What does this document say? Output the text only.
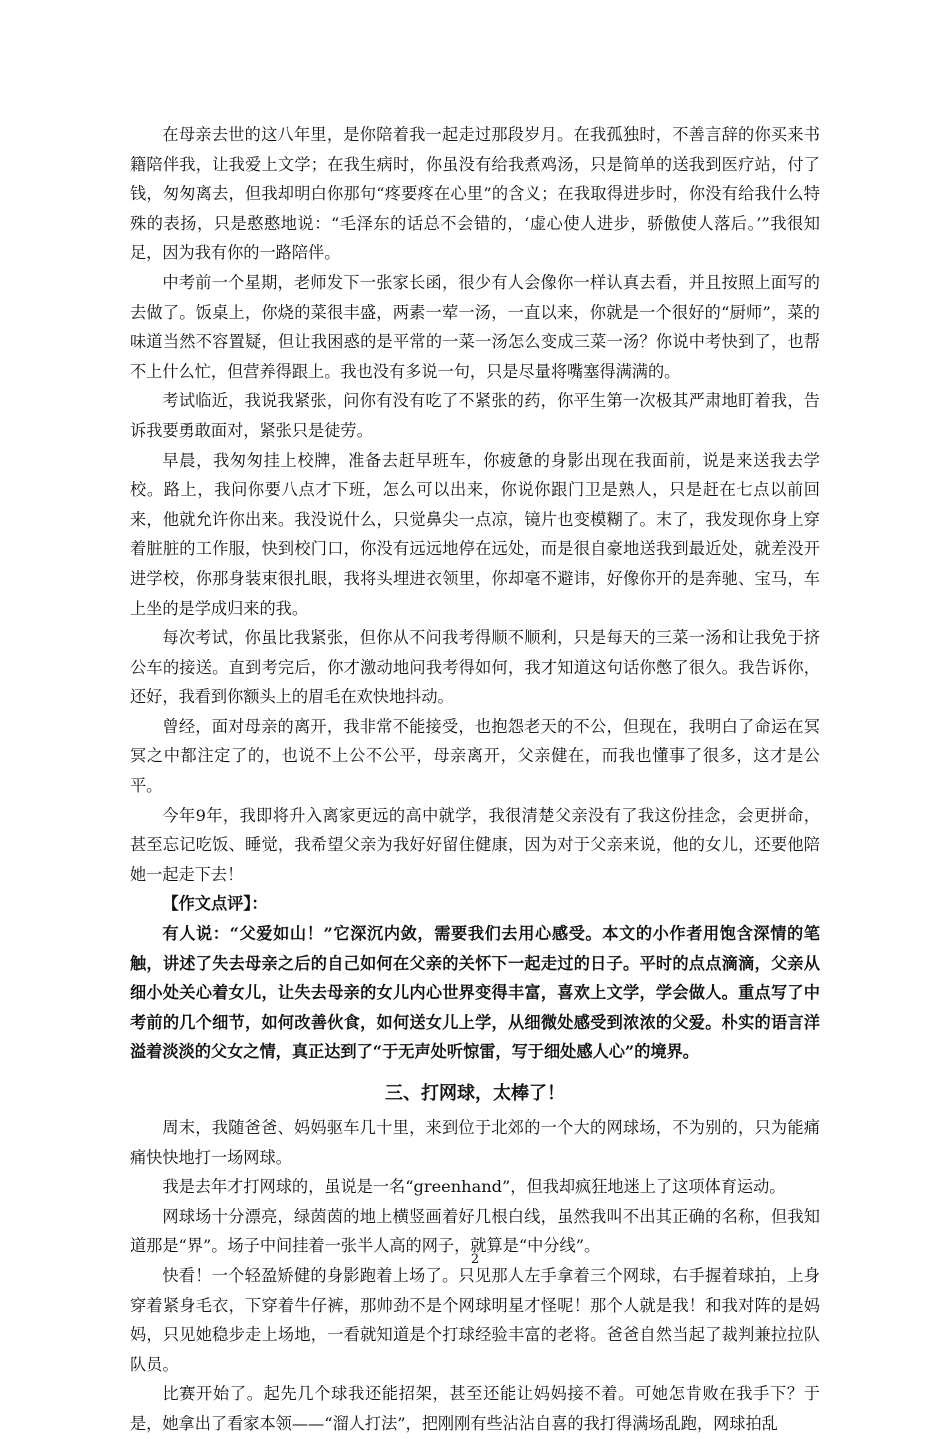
在母亲去世的这八年里，是你陪着我一起走过那段岁月。在我孤独时，不善言辞的你买来书籍陪伴我，让我爱上文学；在我生病时，你虽没有给我煮鸡汤，只是简单的送我到医疗站，付了钱，匆匆离去，但我却明白你那句“疼要疼在心里”的含义；在我取得进步时，你没有给我什么特殊的表扬，只是憨憨地说：“毛泽东的话总不会错的，‘虚心使人进步，骄傲使人落后。’”我很知足，因为我有你的一路陪伴。

中考前一个星期，老师发下一张家长函，很少有人会像你一样认真去看，并且按照上面写的去做了。饭桌上，你烧的菜很丰盛，两素一荤一汤，一直以来，你就是一个很好的“厨师”，菜的味道当然不容置疑，但让我困惑的是平常的一菜一汤怎么变成三菜一汤？你说中考快到了，也帮不上什么忙，但营养得跟上。我也没有多说一句，只是尽量将嘴塞得满满的。

考试临近，我说我紧张，问你有没有吃了不紧张的药，你平生第一次极其严肃地盯着我，告诉我要勇敢面对，紧张只是徒劳。

早晨，我匆匆挂上校牌，准备去赶早班车，你疲惫的身影出现在我面前，说是来送我去学校。路上，我问你要八点才下班，怎么可以出来，你说你跟门卫是熟人，只是赶在七点以前回来，他就允许你出来。我没说什么，只觉鼻尖一点凉，镜片也变模糊了。末了，我发现你身上穿着脏脏的工作服，快到校门口，你没有远远地停在远处，而是很自豪地送我到最近处，就差没开进学校，你那身装束很扎眼，我将头埋进衣领里，你却毫不避讳，好像你开的是奔驰、宝马，车上坐的是学成归来的我。

每次考试，你虽比我紧张，但你从不问我考得顺不顺利，只是每天的三菜一汤和让我免于挤公车的接送。直到考完后，你才激动地问我考得如何，我才知道这句话你憋了很久。我告诉你，还好，我看到你额头上的眉毛在欢快地抖动。

曾经，面对母亲的离开，我非常不能接受，也抱怨老天的不公，但现在，我明白了命运在冥冥之中都注定了的，也说不上公不公平，母亲离开，父亲健在，而我也懂事了很多，这才是公平。

今年9年，我即将升入离家更远的高中就学，我很清楚父亲没有了我这份挂念，会更拼命，甚至忘记吃饭、睡觉，我希望父亲为我好好留住健康，因为对于父亲来说，他的女儿，还要他陪她一起走下去！

【作文点评】：

有人说：“父爱如山！”它深沉内敛，需要我们去用心感受。本文的小作者用饱含深情的笔触，讲述了失去母亲之后的自己如何在父亲的关怀下一起走过的日子。平时的点点滴滴，父亲从细小处关心着女儿，让失去母亲的女儿内心世界变得丰富，喜欢上文学，学会做人。重点写了中考前的几个细节，如何改善伙食，如何送女儿上学，从细微处感受到浓浓的父爱。朴实的语言洋溢着淡淡的父女之情，真正达到了“于无声处听惊雷，写于细处感人心”的境界。

三、打网球，太棒了！

周末，我随爸爸、妈妈驱车几十里，来到位于北郊的一个大的网球场，不为别的，只为能痛痛快快地打一场网球。

我是去年才打网球的，虽说是一名“greenhand”，但我却疯狂地迷上了这项体育运动。

网球场十分漂亮，绿茵茵的地上横竖画着好几根白线，虽然我叫不出其正确的名称，但我知道那是“界”。场子中间挂着一张半人高的网子，就算是“中分线”。

快看！一个轻盈矫健的身影跑着上场了。只见那人左手拿着三个网球，右手握着球拍，上身穿着紧身毛衣，下穿着牛仔裤，那帅劲不是个网球明星才怪呢！那个人就是我！和我对阵的是妈妈，只见她稳步走上场地，一看就知道是个打球经验丰富的老将。爸爸自然当起了裁判兼拉拉队队员。

比赛开始了。起先几个球我还能招架，甚至还能让妈妈接不着。可她怎肯败在我手下？于是，她拿出了看家本领——“溜人打法”，把刚刚有些沾沾自喜的我打得满场乱跑，网球拍乱

2
